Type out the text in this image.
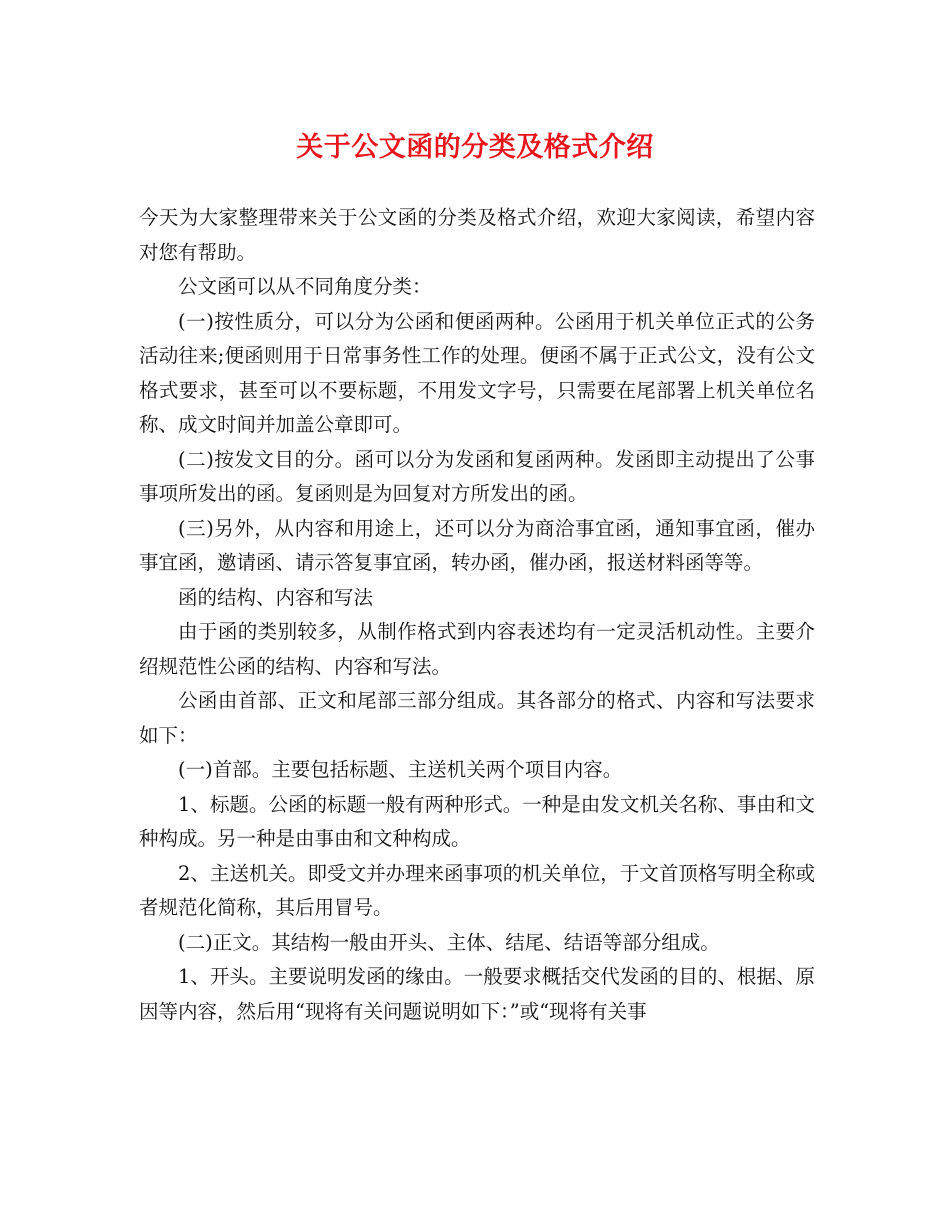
关于公文函的分类及格式介绍

今天为大家整理带来关于公文函的分类及格式介绍，欢迎大家阅读，希望内容对您有帮助。

公文函可以从不同角度分类：

(一)按性质分，可以分为公函和便函两种。公函用于机关单位正式的公务活动往来;便函则用于日常事务性工作的处理。便函不属于正式公文，没有公文格式要求，甚至可以不要标题，不用发文字号，只需要在尾部署上机关单位名称、成文时间并加盖公章即可。

(二)按发文目的分。函可以分为发函和复函两种。发函即主动提出了公事事项所发出的函。复函则是为回复对方所发出的函。

(三)另外，从内容和用途上，还可以分为商洽事宜函，通知事宜函，催办事宜函，邀请函、请示答复事宜函，转办函，催办函，报送材料函等等。

函的结构、内容和写法

由于函的类别较多，从制作格式到内容表述均有一定灵活机动性。主要介绍规范性公函的结构、内容和写法。

公函由首部、正文和尾部三部分组成。其各部分的格式、内容和写法要求如下：

(一)首部。主要包括标题、主送机关两个项目内容。

1、标题。公函的标题一般有两种形式。一种是由发文机关名称、事由和文种构成。另一种是由事由和文种构成。

2、主送机关。即受文并办理来函事项的机关单位，于文首顶格写明全称或者规范化简称，其后用冒号。

(二)正文。其结构一般由开头、主体、结尾、结语等部分组成。

1、开头。主要说明发函的缘由。一般要求概括交代发函的目的、根据、原因等内容，然后用“现将有关问题说明如下：”或“现将有关事
